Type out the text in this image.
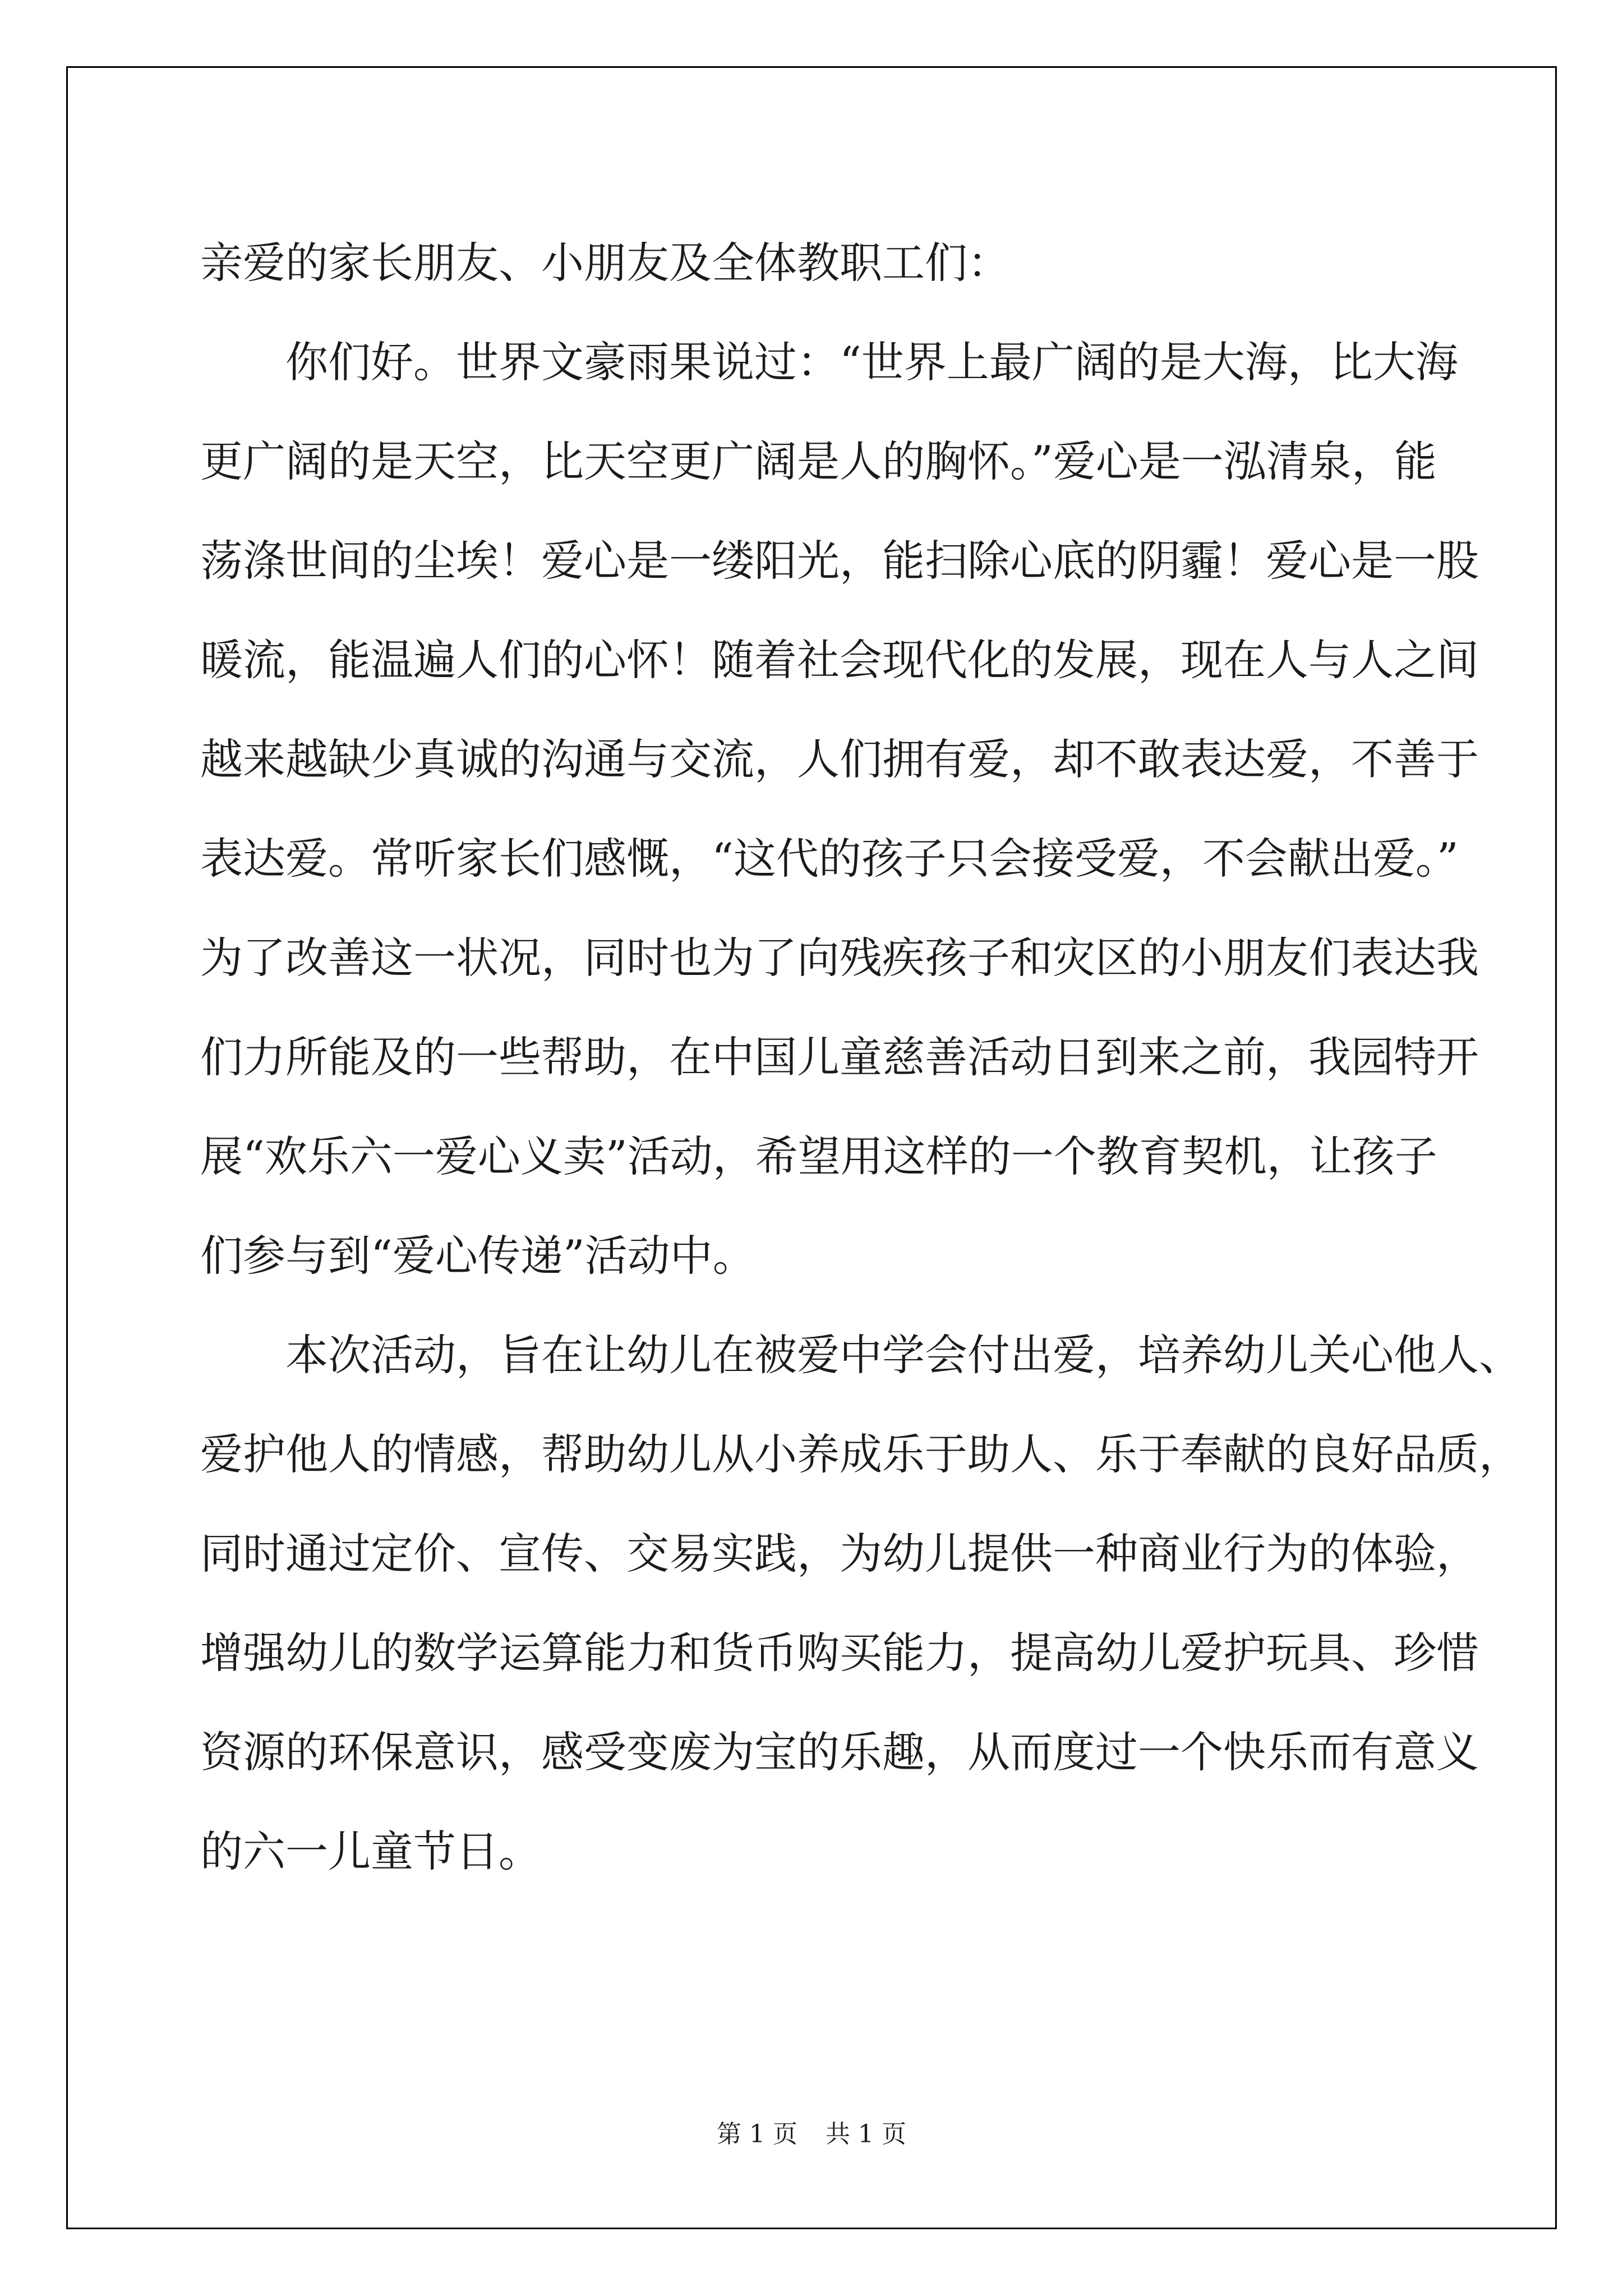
亲爱的家长朋友、小朋友及全体教职工们：
　　你们好。世界文豪雨果说过：“世界上最广阔的是大海，比大海
更广阔的是天空，比天空更广阔是人的胸怀。”爱心是一泓清泉，能
荡涤世间的尘埃！爱心是一缕阳光，能扫除心底的阴霾！爱心是一股
暖流，能温遍人们的心怀！随着社会现代化的发展，现在人与人之间
越来越缺少真诚的沟通与交流，人们拥有爱，却不敢表达爱，不善于
表达爱。常听家长们感慨，“这代的孩子只会接受爱，不会献出爱。”
为了改善这一状况，同时也为了向残疾孩子和灾区的小朋友们表达我
们力所能及的一些帮助，在中国儿童慈善活动日到来之前，我园特开
展“欢乐六一爱心义卖”活动，希望用这样的一个教育契机，让孩子
们参与到“爱心传递”活动中。
　　本次活动，旨在让幼儿在被爱中学会付出爱，培养幼儿关心他人、
爱护他人的情感，帮助幼儿从小养成乐于助人、乐于奉献的良好品质，
同时通过定价、宣传、交易实践，为幼儿提供一种商业行为的体验，
增强幼儿的数学运算能力和货币购买能力，提高幼儿爱护玩具、珍惜
资源的环保意识，感受变废为宝的乐趣，从而度过一个快乐而有意义
的六一儿童节日。
第 1 页 共 1 页
